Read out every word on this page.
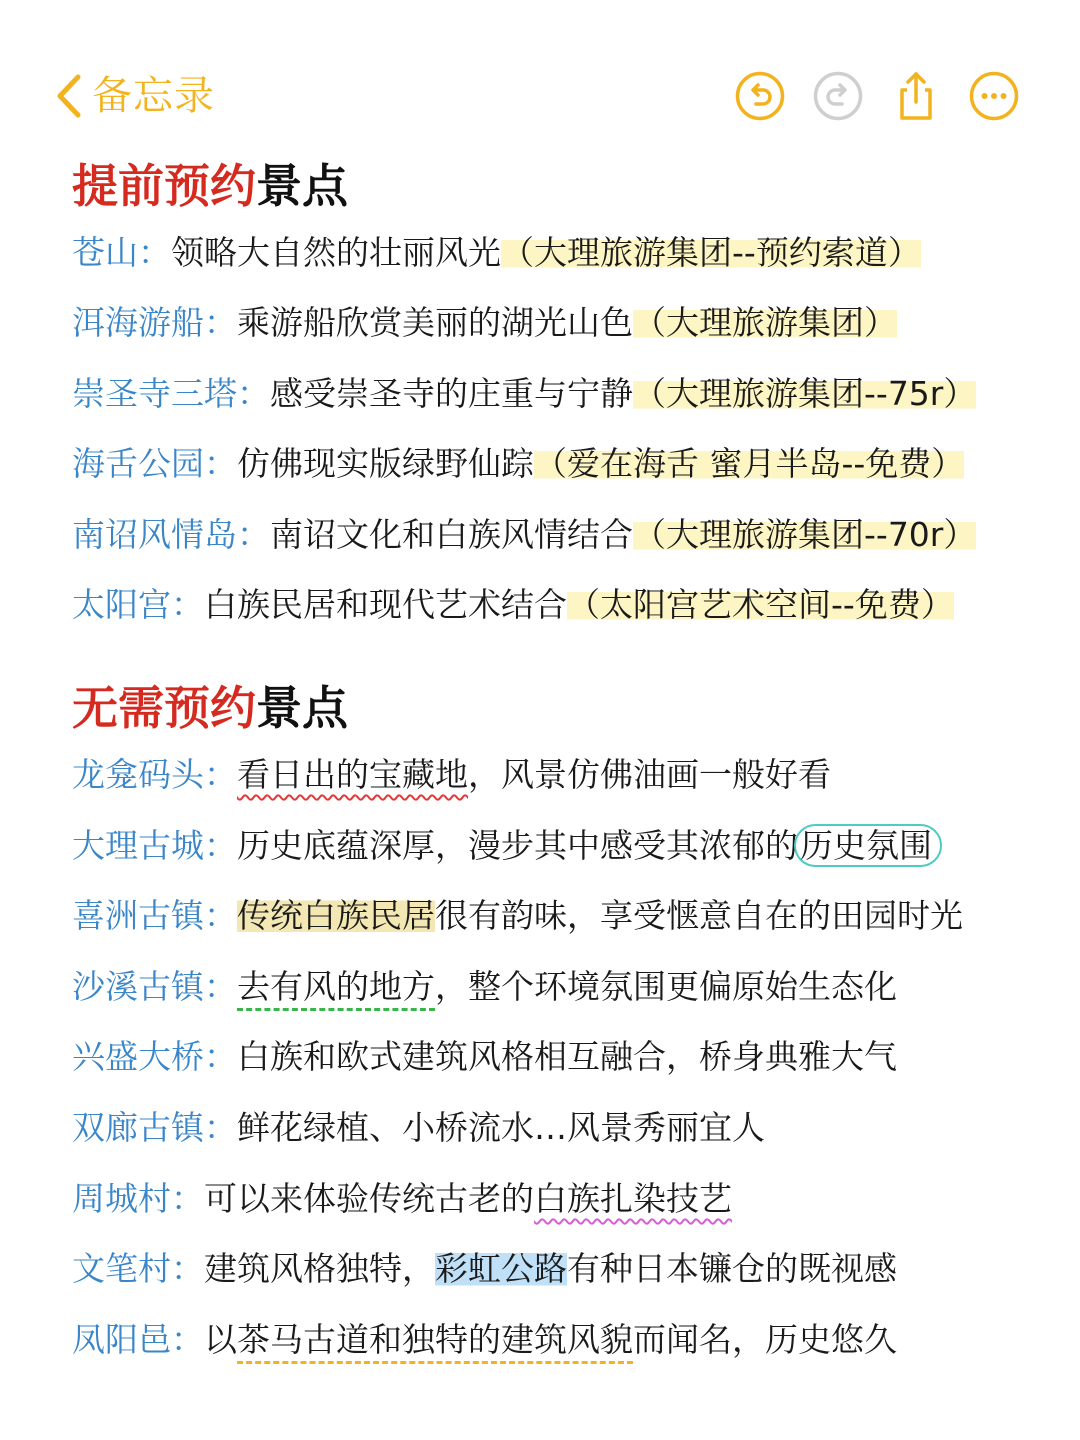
备忘录
提前预约景点
苍山：领略大自然的壮丽风光（大理旅游集团--预约索道）
洱海游船：乘游船欣赏美丽的湖光山色（大理旅游集团）
崇圣寺三塔：感受崇圣寺的庄重与宁静（大理旅游集团--75r）
海舌公园：仿佛现实版绿野仙踪（爱在海舌 蜜月半岛--免费）
南诏风情岛：南诏文化和白族风情结合（大理旅游集团--70r）
太阳宫：白族民居和现代艺术结合（太阳宫艺术空间--免费）
无需预约景点
龙龛码头：看日出的宝藏地，风景仿佛油画一般好看
大理古城：历史底蕴深厚，漫步其中感受其浓郁的历史氛围
喜洲古镇：传统白族民居很有韵味，享受惬意自在的田园时光
沙溪古镇：去有风的地方，整个环境氛围更偏原始生态化
兴盛大桥：白族和欧式建筑风格相互融合，桥身典雅大气
双廊古镇：鲜花绿植、小桥流水…风景秀丽宜人
周城村：可以来体验传统古老的白族扎染技艺
文笔村：建筑风格独特，彩虹公路有种日本镰仓的既视感
凤阳邑：以茶马古道和独特的建筑风貌而闻名，历史悠久
